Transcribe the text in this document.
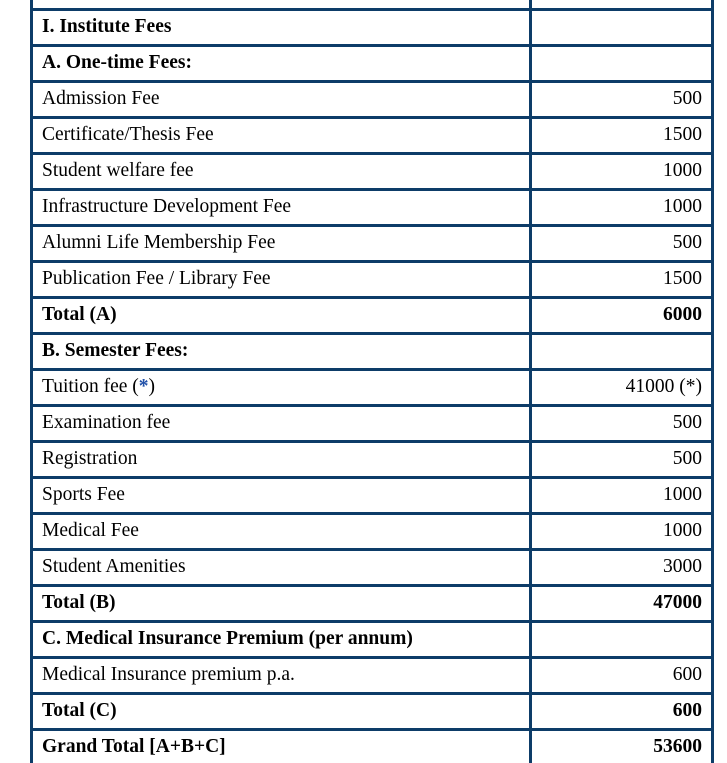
I. Institute Fees	
A. One-time Fees:	
Admission Fee	500
Certificate/Thesis Fee	1500
Student welfare fee	1000
Infrastructure Development Fee	1000
Alumni Life Membership Fee	500
Publication Fee / Library Fee	1500
Total (A)	6000
B. Semester Fees:	
Tuition fee (*)	41000 (*)
Examination fee	500
Registration	500
Sports Fee	1000
Medical Fee	1000
Student Amenities	3000
Total (B)	47000
C. Medical Insurance Premium (per annum)	
Medical Insurance premium p.a.	600
Total (C)	600
Grand Total [A+B+C]	53600
